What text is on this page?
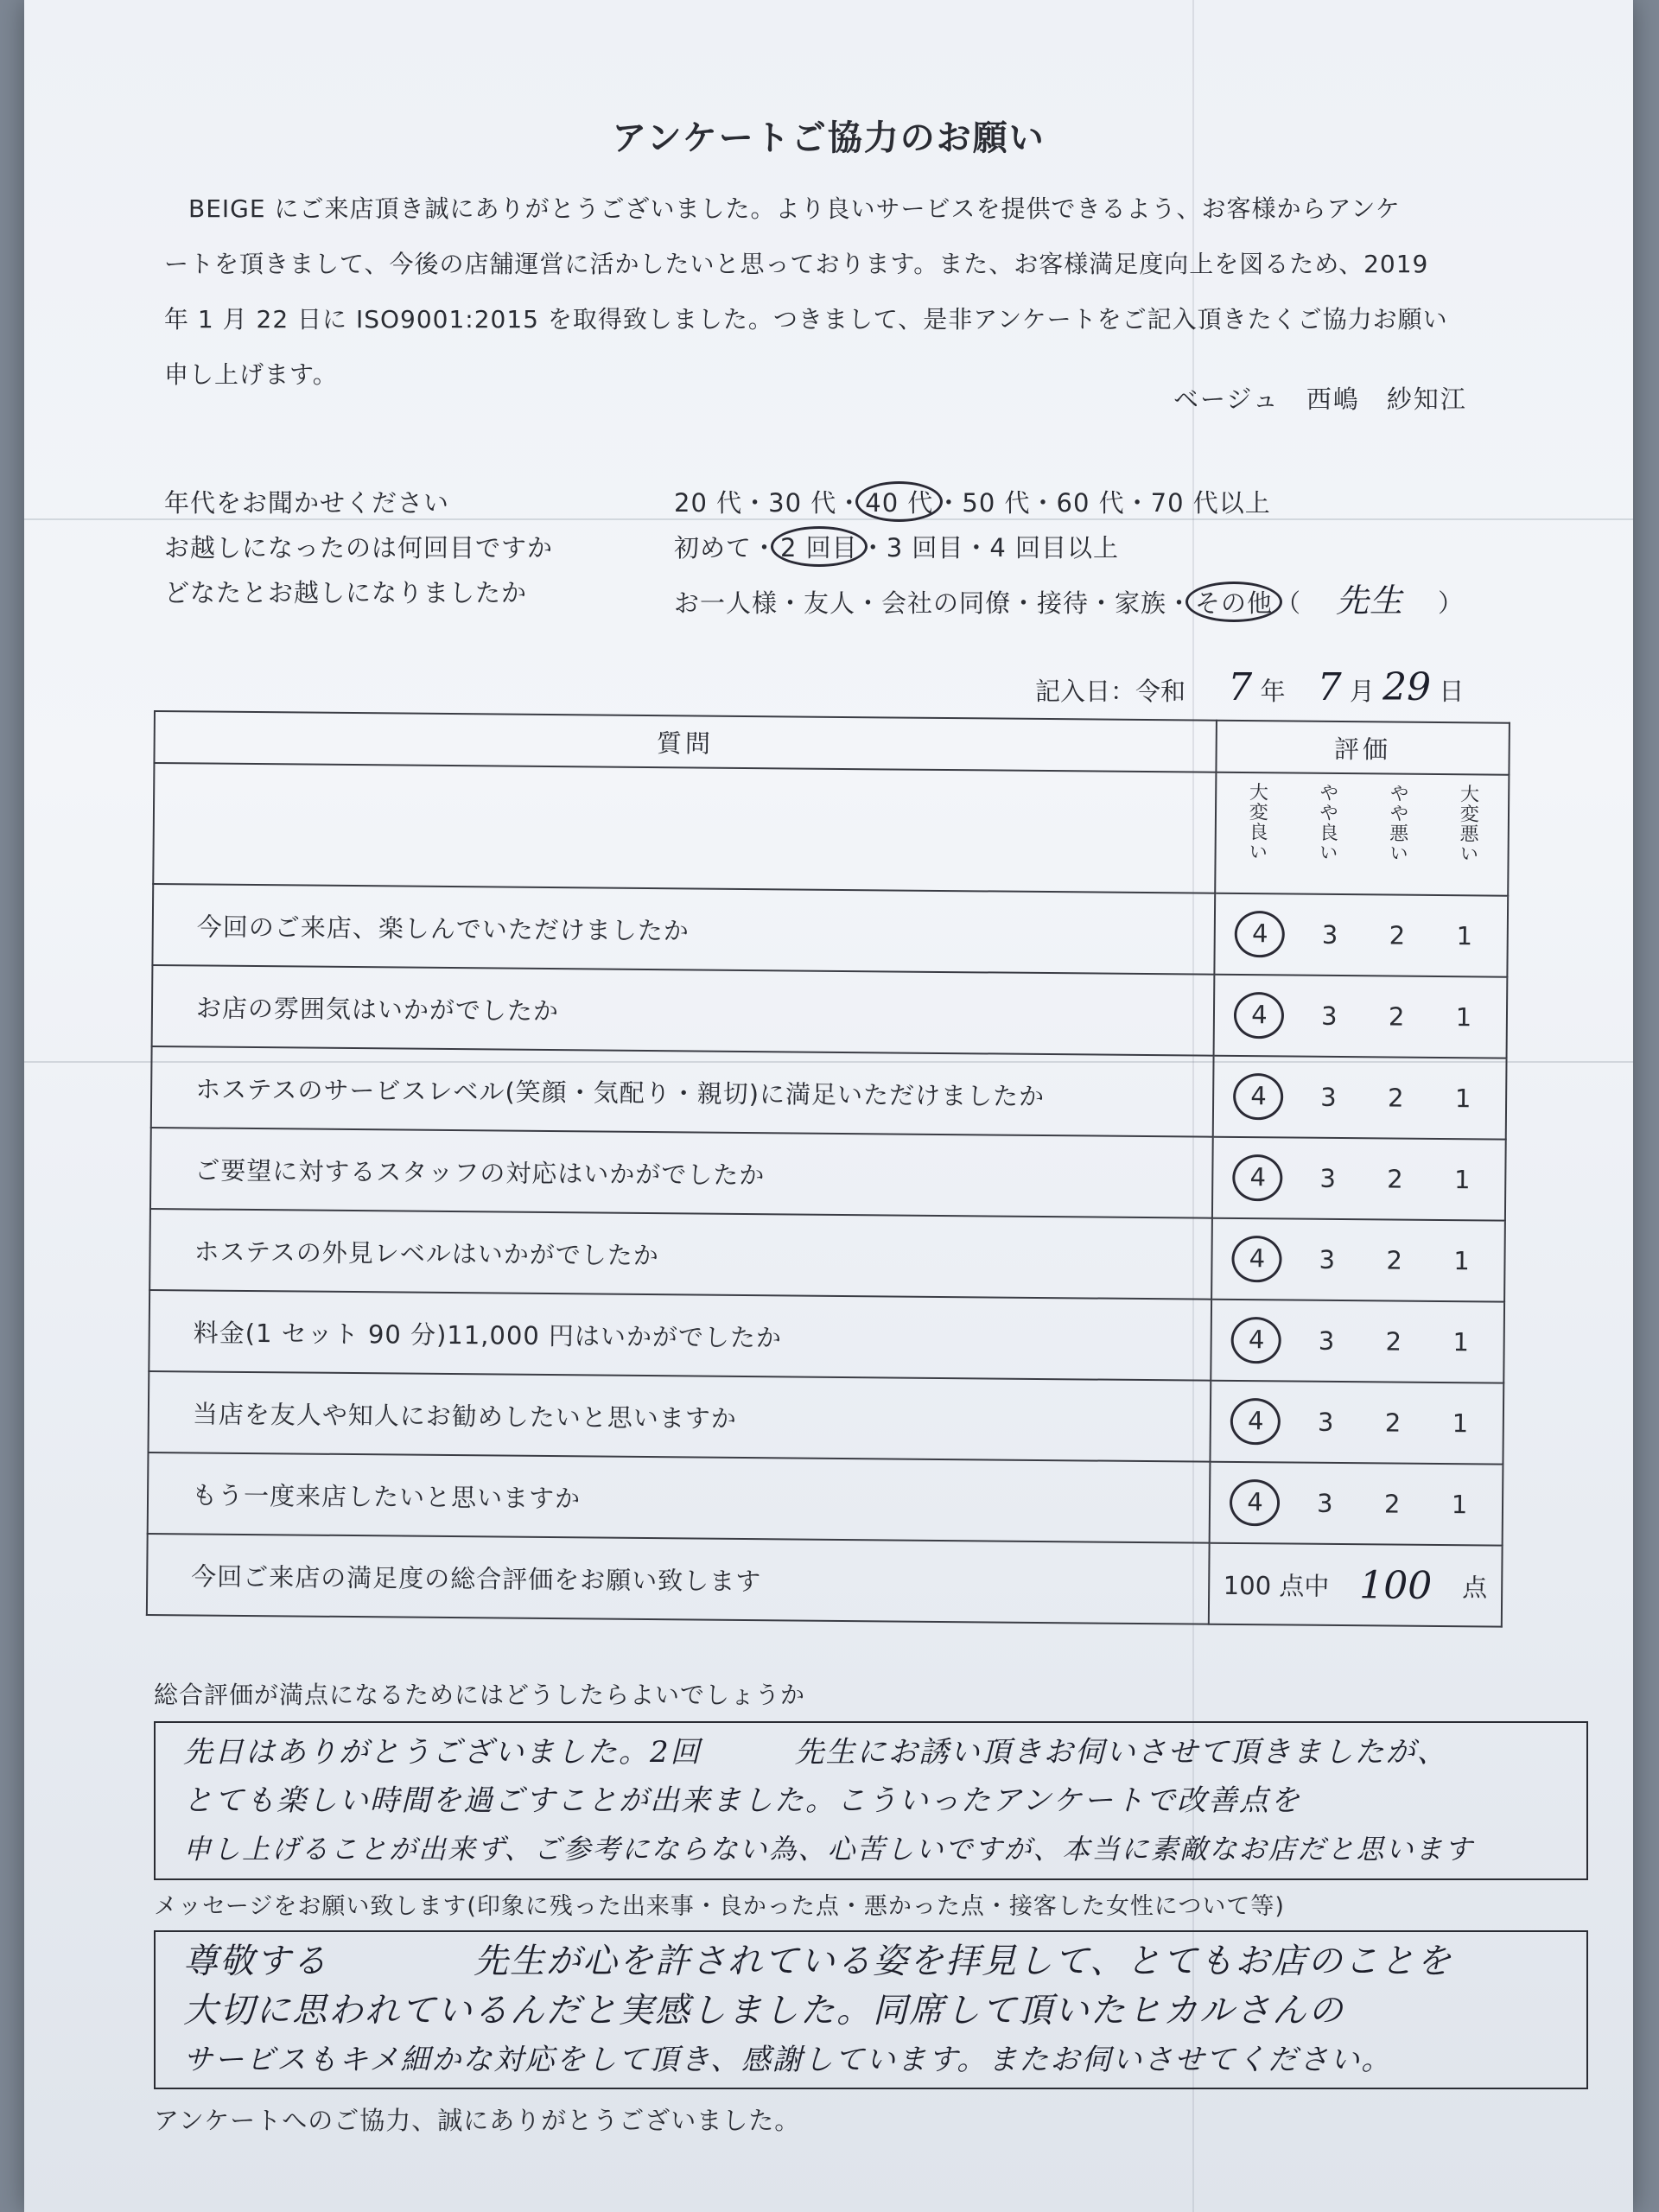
アンケートご協力のお願い
BEIGE にご来店頂き誠にありがとうございました。より良いサービスを提供できるよう、お客様からアンケ
ートを頂きまして、今後の店舗運営に活かしたいと思っております。また、お客様満足度向上を図るため、2019
年 1 月 22 日に ISO9001:2015 を取得致しました。つきまして、是非アンケートをご記入頂きたくご協力お願い
申し上げます。
ベージュ　西嶋　紗知江
年代をお聞かせください	20 代・30 代・ 40 代 ・50 代・60 代・70 代以上
お越しになったのは何回目ですか	初めて・ 2 回目 ・3 回目・4 回目以上
どなたとお越しになりましたか	お一人様・友人・会社の同僚・接待・家族・ その他 （ 先生 ）
記入日：令和 7 年 7 月 29 日
質問	評価

	大変良い やや良い やや悪い 大変悪い

今回のご来店、楽しんでいただけましたか	4 3 2 1

お店の雰囲気はいかがでしたか	4 3 2 1

ホステスのサービスレベル(笑顔・気配り・親切)に満足いただけましたか	4 3 2 1

ご要望に対するスタッフの対応はいかがでしたか	4 3 2 1

ホステスの外見レベルはいかがでしたか	4 3 2 1

料金(1 セット 90 分)11,000 円はいかがでしたか	4 3 2 1

当店を友人や知人にお勧めしたいと思いますか	4 3 2 1

もう一度来店したいと思いますか	4 3 2 1

今回ご来店の満足度の総合評価をお願い致します	100 点中 100 点
総合評価が満点になるためにはどうしたらよいでしょうか
先日はありがとうございました。2回　　　先生にお誘い頂きお伺いさせて頂きましたが、
とても楽しい時間を過ごすことが出来ました。こういったアンケートで改善点を
申し上げることが出来ず、ご参考にならない為、心苦しいですが、本当に素敵なお店だと思います
メッセージをお願い致します(印象に残った出来事・良かった点・悪かった点・接客した女性について等)
尊敬する　　　　先生が心を許されている姿を拝見して、とてもお店のことを
大切に思われているんだと実感しました。同席して頂いたヒカルさんの
サービスもキメ細かな対応をして頂き、感謝しています。またお伺いさせてください。
アンケートへのご協力、誠にありがとうございました。
